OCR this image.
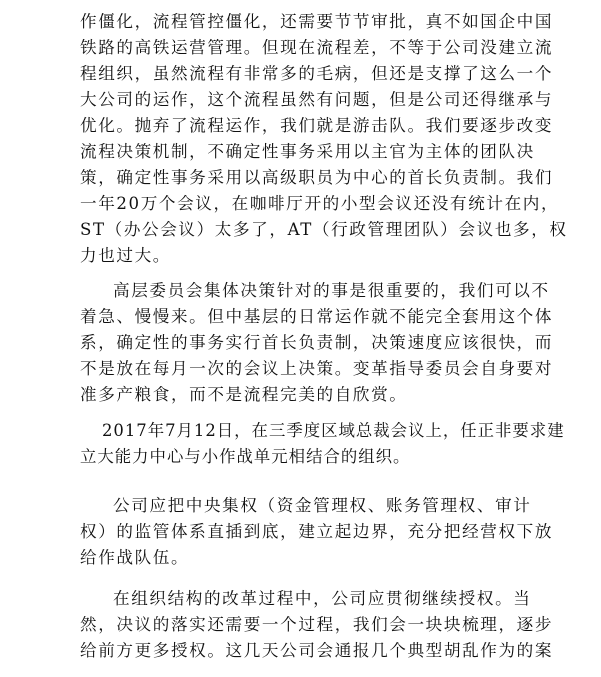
作僵化，流程管控僵化，还需要节节审批，真不如国企中国
铁路的高铁运营管理。但现在流程差，不等于公司没建立流
程组织，虽然流程有非常多的毛病，但还是支撑了这么一个
大公司的运作，这个流程虽然有问题，但是公司还得继承与
优化。抛弃了流程运作，我们就是游击队。我们要逐步改变
流程决策机制，不确定性事务采用以主官为主体的团队决
策，确定性事务采用以高级职员为中心的首长负责制。我们
一年20万个会议，在咖啡厅开的小型会议还没有统计在内，
ST（办公会议）太多了，AT（行政管理团队）会议也多，权
力也过大。
高层委员会集体决策针对的事是很重要的，我们可以不
着急、慢慢来。但中基层的日常运作就不能完全套用这个体
系，确定性的事务实行首长负责制，决策速度应该很快，而
不是放在每月一次的会议上决策。变革指导委员会自身要对
准多产粮食，而不是流程完美的自欣赏。
2017年7月12日，在三季度区域总裁会议上，任正非要求建
立大能力中心与小作战单元相结合的组织。
公司应把中央集权（资金管理权、账务管理权、审计
权）的监管体系直插到底，建立起边界，充分把经营权下放
给作战队伍。
在组织结构的改革过程中，公司应贯彻继续授权。当
然，决议的落实还需要一个过程，我们会一块块梳理，逐步
给前方更多授权。这几天公司会通报几个典型胡乱作为的案
